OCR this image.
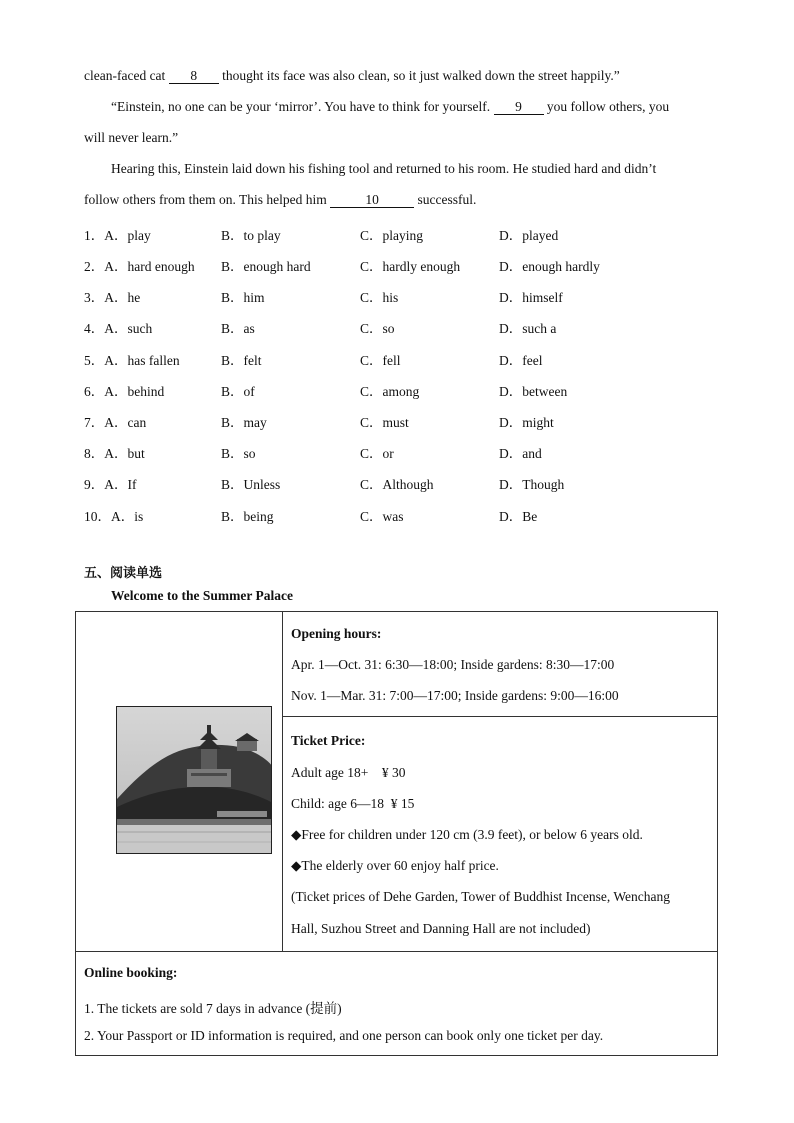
clean-faced cat 8 thought its face was also clean, so it just walked down the street happily.”
“Einstein, no one can be your ‘mirror’. You have to think for yourself. 9 you follow others, you
will never learn.”
Hearing this, Einstein laid down his fishing tool and returned to his room. He studied hard and didn’t
follow others from them on. This helped him	10	successful.
1．A．play	B．to play	C．playing	D．played
2．A．hard enough B．enough hard	C．hardly enough	D．enough hardly
3．A．he	B．him	C．his	D．himself
4．A．such	B．as	C．so	D．such a
5．A．has fallen	B．felt	C．fell	D．feel
6．A．behind	B．of	C．among	D．between
7．A．can	B．may	C．must	D．might
8．A．but	B．so	C．or	D．and
9．A．If	B．Unless	C．Although	D．Though
10．A．is	B．being	C．was	D．Be
五、阅读单选
Welcome to the Summer Palace
Opening hours:
Apr. 1—Oct. 31: 6:30—18:00; Inside gardens: 8:30—17:00
Nov. 1—Mar. 31: 7:00—17:00; Inside gardens: 9:00—16:00
Ticket Price:
Adult age 18+    ¥ 30
Child: age 6—18  ¥ 15
◆Free for children under 120 cm (3.9 feet), or below 6 years old.
◆The elderly over 60 enjoy half price.
(Ticket prices of Dehe Garden, Tower of Buddhist Incense, Wenchang
Hall, Suzhou Street and Danning Hall are not included)
Online booking:
1. The tickets are sold 7 days in advance (提前)
2. Your Passport or ID information is required, and one person can book only one ticket per day.
